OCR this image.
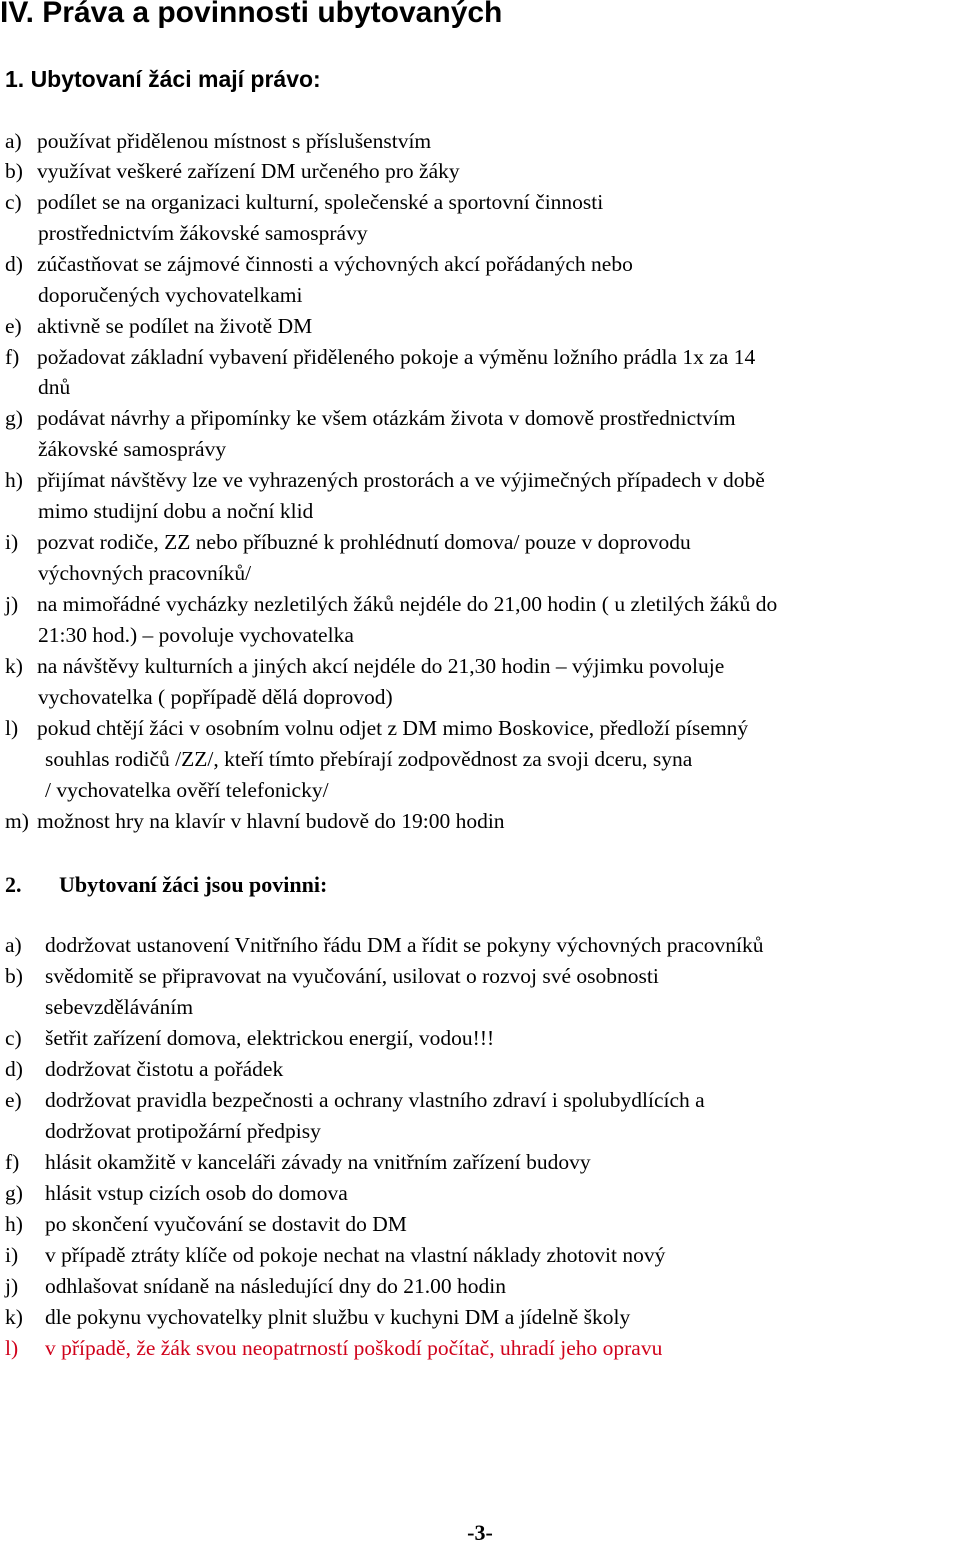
IV. Práva a povinnosti ubytovaných
1. Ubytovaní žáci mají právo:
a) používat přidělenou místnost s příslušenstvím
b) využívat veškeré zařízení DM určeného pro žáky
c) podílet se na organizaci kulturní, společenské a sportovní činnosti
prostřednictvím žákovské samosprávy
d) zúčastňovat se zájmové činnosti a výchovných akcí pořádaných nebo
doporučených vychovatelkami
e) aktivně se podílet na životě DM
f) požadovat základní vybavení přiděleného pokoje a výměnu ložního prádla 1x za 14
dnů
g) podávat návrhy a připomínky ke všem otázkám života v domově prostřednictvím
žákovské samosprávy
h) přijímat návštěvy lze ve vyhrazených prostorách a ve výjimečných případech v době
mimo studijní dobu a noční klid
i) pozvat rodiče, ZZ nebo příbuzné k prohlédnutí domova/ pouze v doprovodu
výchovných pracovníků/
j) na mimořádné vycházky nezletilých žáků nejdéle do 21,00 hodin ( u zletilých žáků do
21:30 hod.) – povoluje vychovatelka
k) na návštěvy kulturních a jiných akcí nejdéle do 21,30 hodin – výjimku povoluje
vychovatelka ( popřípadě dělá doprovod)
l) pokud chtějí žáci v osobním volnu odjet z DM mimo Boskovice, předloží písemný
souhlas rodičů /ZZ/, kteří tímto přebírají zodpovědnost za svoji dceru, syna
/ vychovatelka ověří telefonicky/
m) možnost hry na klavír v hlavní budově do 19:00 hodin
2. Ubytovaní žáci jsou povinni:
a) dodržovat ustanovení Vnitřního řádu DM a řídit se pokyny výchovných pracovníků
b) svědomitě se připravovat na vyučování, usilovat o rozvoj své osobnosti
sebevzděláváním
c) šetřit zařízení domova, elektrickou energií, vodou!!!
d) dodržovat čistotu a pořádek
e) dodržovat pravidla bezpečnosti a ochrany vlastního zdraví i spolubydlících a
dodržovat protipožární předpisy
f) hlásit okamžitě v kanceláři závady na vnitřním zařízení budovy
g) hlásit vstup cizích osob do domova
h) po skončení vyučování se dostavit do DM
i) v případě ztráty klíče od pokoje nechat na vlastní náklady zhotovit nový
j) odhlašovat snídaně na následující dny do 21.00 hodin
k) dle pokynu vychovatelky plnit službu v kuchyni DM a jídelně školy
l) v případě, že žák svou neopatrností poškodí počítač, uhradí jeho opravu
-3-
